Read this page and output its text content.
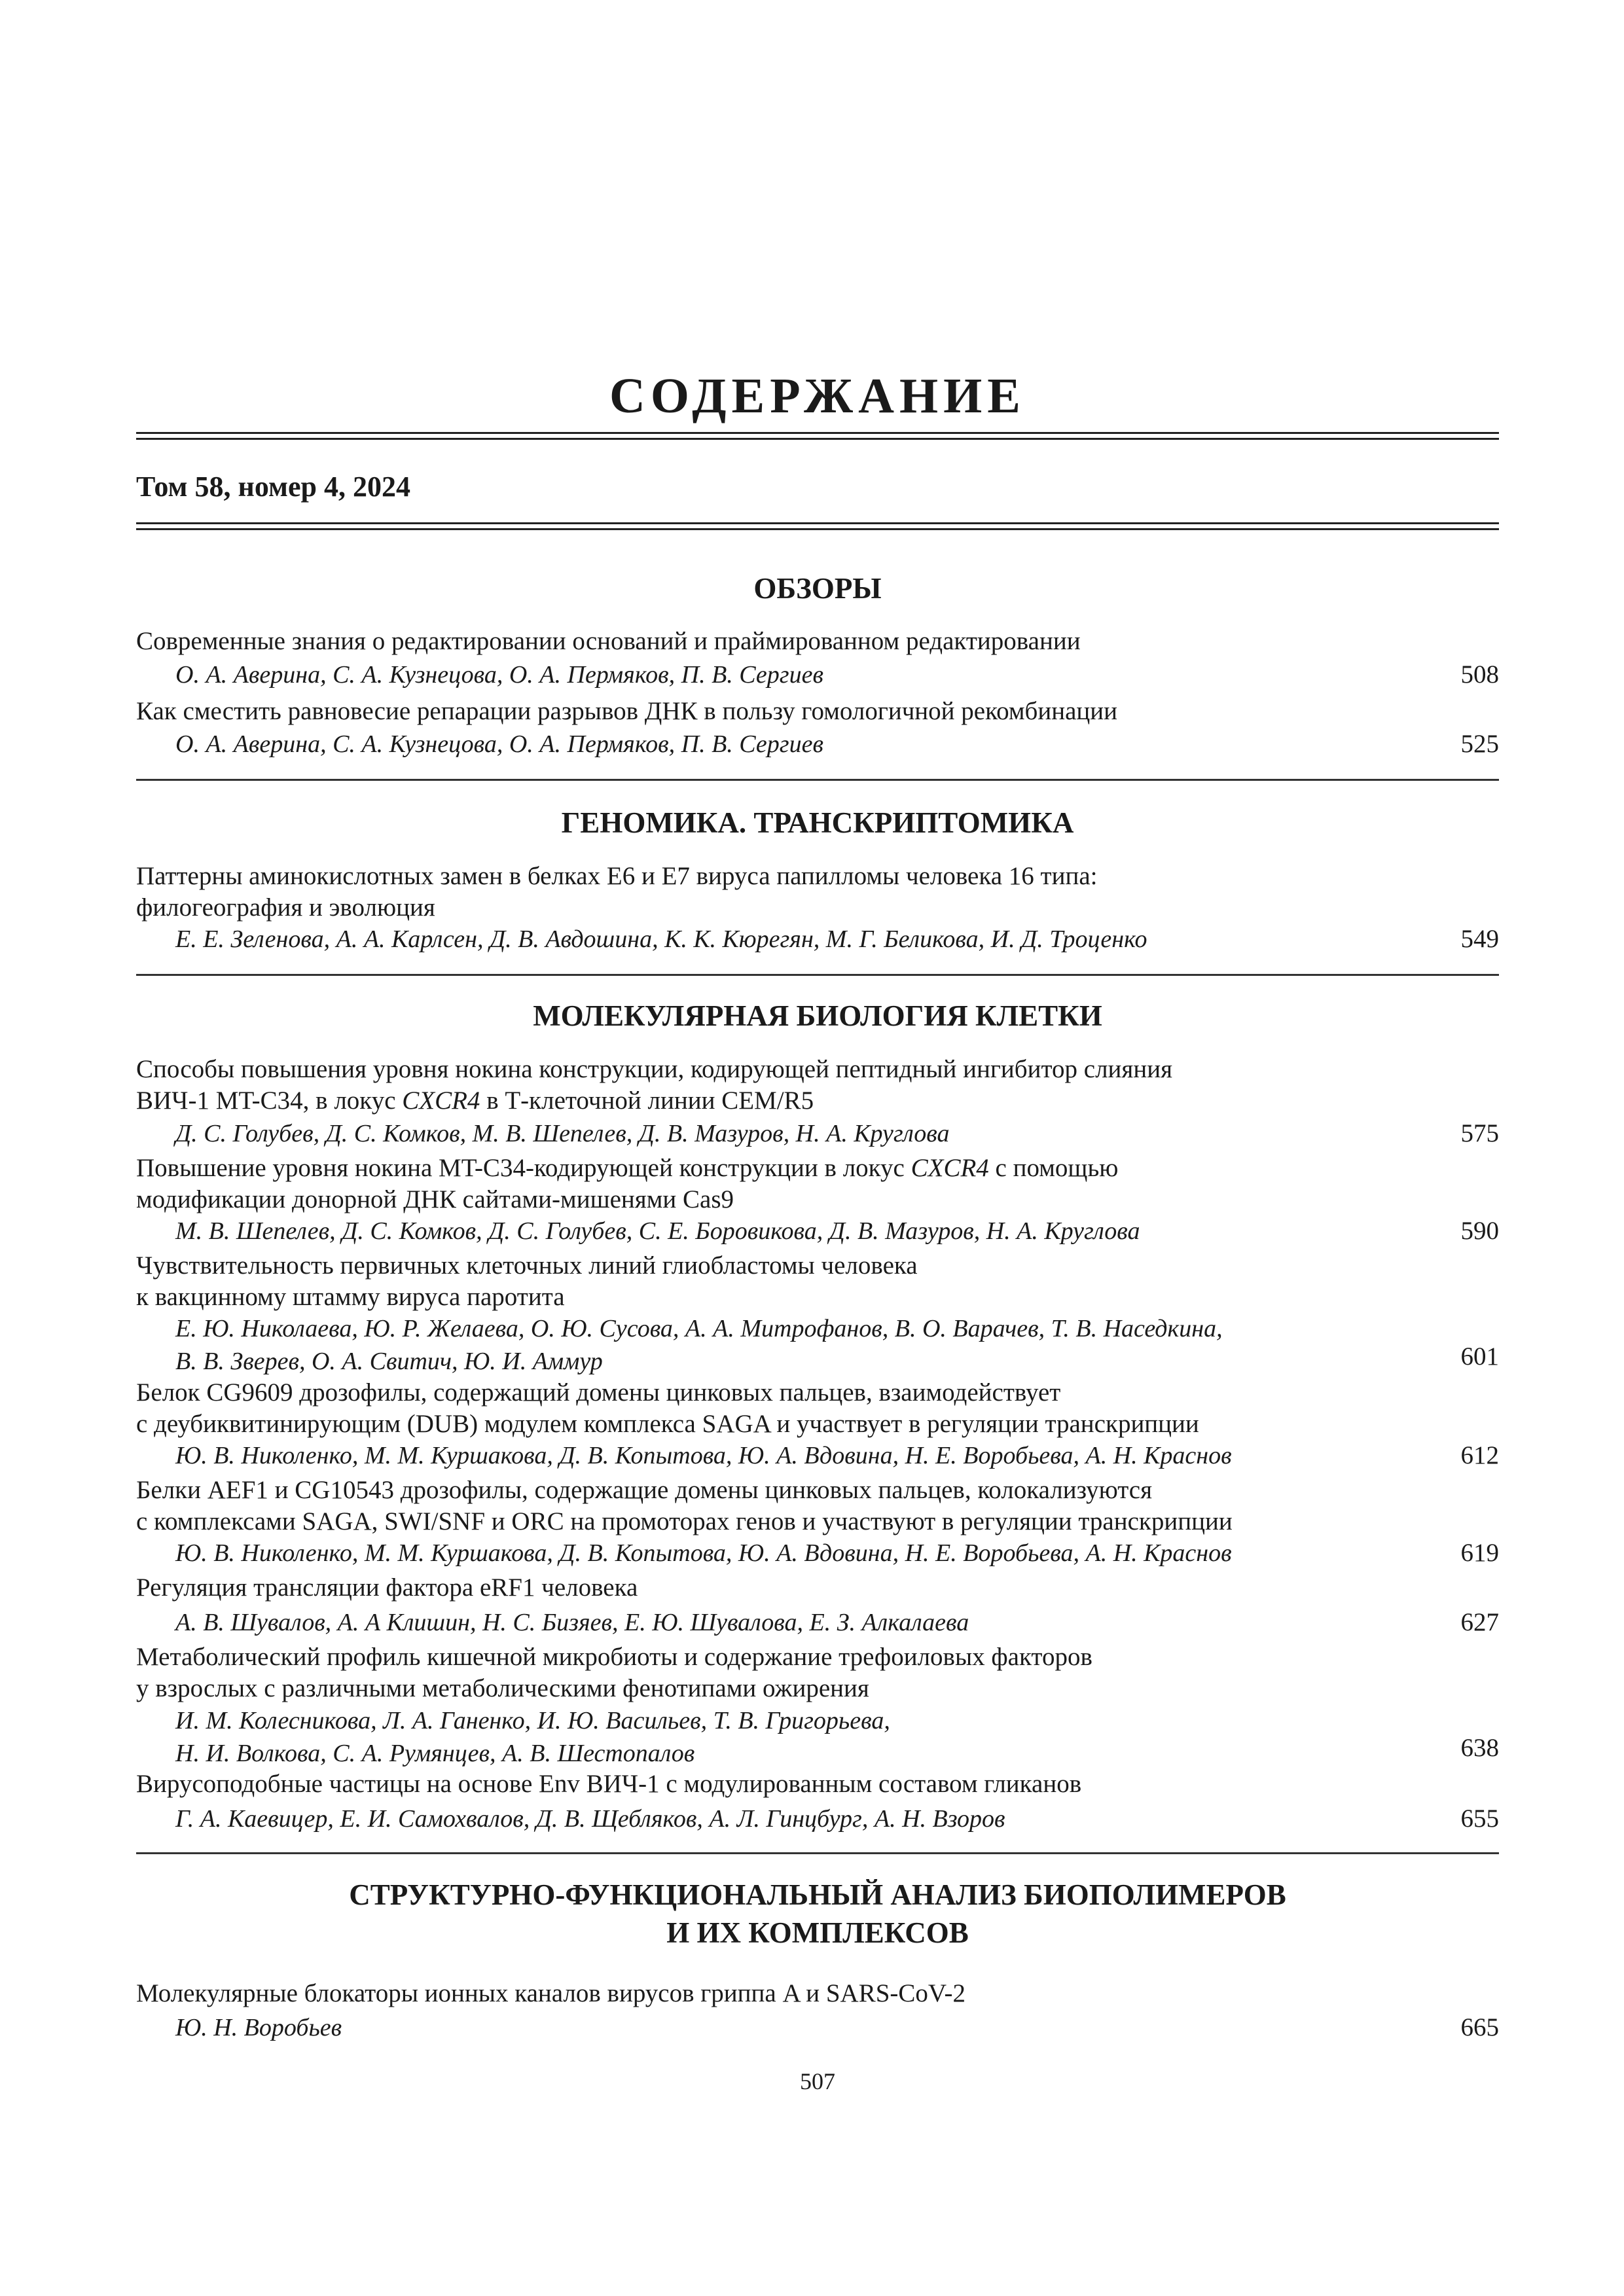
СОДЕРЖАНИЕ
Том 58, номер 4, 2024
ОБЗОРЫ
Современные знания о редактировании оснований и праймированном редактировании
О. А. Аверина, С. А. Кузнецова, О. А. Пермяков, П. В. Сергиев	508
Как сместить равновесие репарации разрывов ДНК в пользу гомологичной рекомбинации
О. А. Аверина, С. А. Кузнецова, О. А. Пермяков, П. В. Сергиев	525
ГЕНОМИКА. ТРАНСКРИПТОМИКА
Паттерны аминокислотных замен в белках E6 и E7 вируса папилломы человека 16 типа:
филогеография и эволюция
Е. Е. Зеленова, А. А. Карлсен, Д. В. Авдошина, К. К. Кюрегян, М. Г. Беликова, И. Д. Троценко	549
МОЛЕКУЛЯРНАЯ БИОЛОГИЯ КЛЕТКИ
Способы повышения уровня нокина конструкции, кодирующей пептидный ингибитор слияния
ВИЧ-1 MT-C34, в локус CXCR4 в Т-клеточной линии CEM/R5
Д. С. Голубев, Д. С. Комков, М. В. Шепелев, Д. В. Мазуров, Н. А. Круглова	575
Повышение уровня нокина MT-C34-кодирующей конструкции в локус CXCR4 с помощью
модификации донорной ДНК сайтами-мишенями Cas9
М. В. Шепелев, Д. С. Комков, Д. С. Голубев, С. Е. Боровикова, Д. В. Мазуров, Н. А. Круглова	590
Чувствительность первичных клеточных линий глиобластомы человека
к вакцинному штамму вируса паротита
Е. Ю. Николаева, Ю. Р. Желаева, О. Ю. Сусова, А. А. Митрофанов, В. О. Варачев, Т. В. Наседкина,
В. В. Зверев, О. А. Свитич, Ю. И. Аммур	601
Белок CG9609 дрозофилы, содержащий домены цинковых пальцев, взаимодействует
с деубиквитинирующим (DUB) модулем комплекса SAGA и участвует в регуляции транскрипции
Ю. В. Николенко, М. М. Куршакова, Д. В. Копытова, Ю. А. Вдовина, Н. Е. Воробьева, А. Н. Краснов	612
Белки AEF1 и CG10543 дрозофилы, содержащие домены цинковых пальцев, колокализуются
с комплексами SAGA, SWI/SNF и ORC на промоторах генов и участвуют в регуляции транскрипции
Ю. В. Николенко, М. М. Куршакова, Д. В. Копытова, Ю. А. Вдовина, Н. Е. Воробьева, А. Н. Краснов	619
Регуляция трансляции фактора eRF1 человека
А. В. Шувалов, А. А Клишин, Н. С. Бизяев, Е. Ю. Шувалова, Е. З. Алкалаева	627
Метаболический профиль кишечной микробиоты и содержание трефоиловых факторов
у взрослых с различными метаболическими фенотипами ожирения
И. М. Колесникова, Л. А. Ганенко, И. Ю. Васильев, Т. В. Григорьева,
Н. И. Волкова, С. А. Румянцев, А. В. Шестопалов	638
Вирусоподобные частицы на основе Env ВИЧ-1 с модулированным составом гликанов
Г. А. Каевицер, Е. И. Самохвалов, Д. В. Щебляков, А. Л. Гинцбург, А. Н. Взоров	655
СТРУКТУРНО-ФУНКЦИОНАЛЬНЫЙ АНАЛИЗ БИОПОЛИМЕРОВ
И ИХ КОМПЛЕКСОВ
Молекулярные блокаторы ионных каналов вирусов гриппа A и SARS-CoV-2
Ю. Н. Воробьев	665
507
